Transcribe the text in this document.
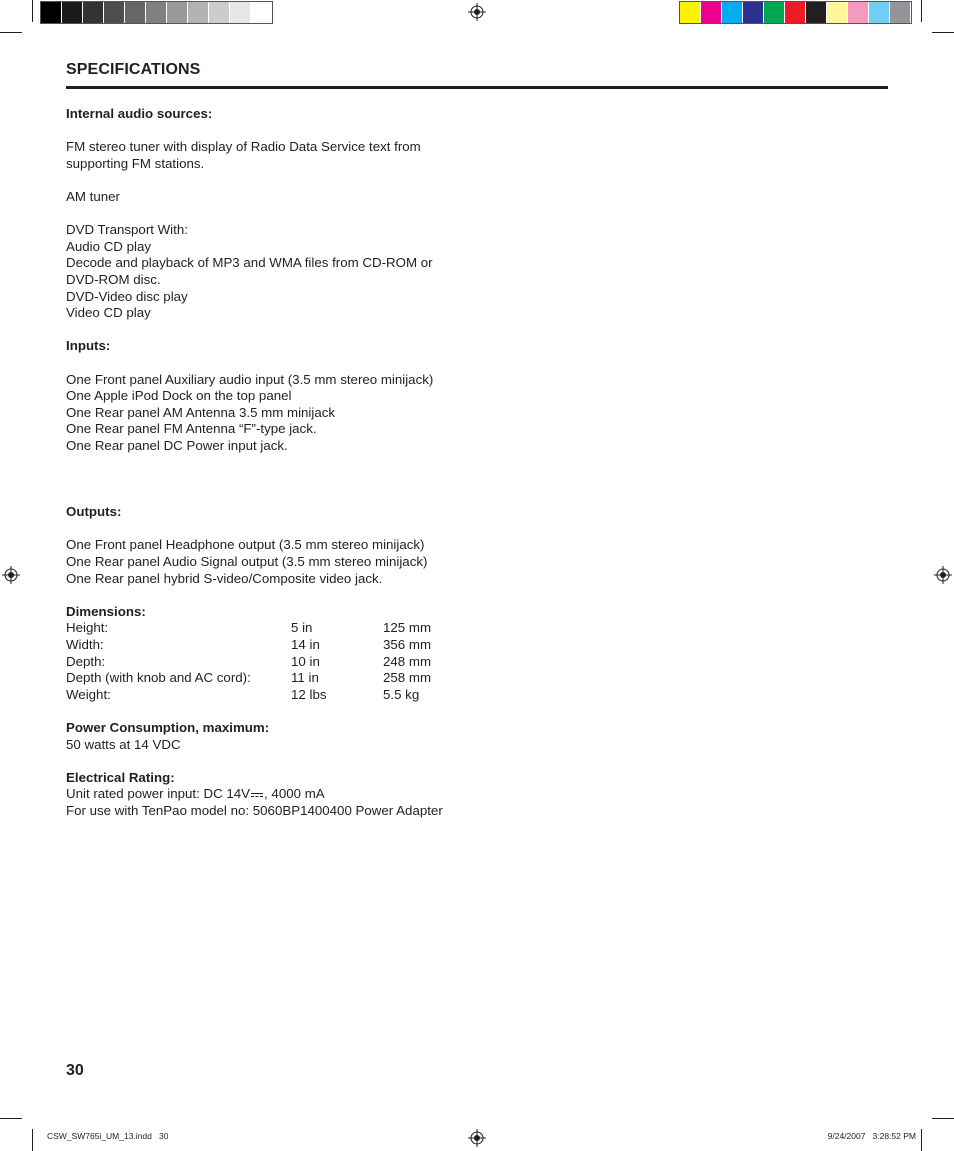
SPECIFICATIONS

Internal audio sources:

FM stereo tuner with display of Radio Data Service text from

supporting FM stations.

AM tuner

DVD Transport With:

Audio CD play

Decode and playback of MP3 and WMA files from CD-ROM or

DVD-ROM disc.

DVD-Video disc play

Video CD play

Inputs:

One Front panel Auxiliary audio input (3.5 mm stereo minijack)

One Apple iPod Dock on the top panel

One Rear panel AM Antenna 3.5 mm minijack

One Rear panel FM Antenna “F”-type jack.

One Rear panel DC Power input jack.

Outputs:

One Front panel Headphone output (3.5 mm stereo minijack)

One Rear panel Audio Signal output (3.5 mm stereo minijack)

One Rear panel hybrid S-video/Composite video jack.

Dimensions:

Height:	5 in	125 mm
Width:	14 in	356 mm
Depth:	10 in	248 mm
Depth (with knob and AC cord):	11 in	258 mm
Weight:	12 lbs	5.5 kg

Power Consumption, maximum:

50 watts at 14 VDC

Electrical Rating:

Unit rated power input: DC 14V , 4000 mA

For use with TenPao model no: 5060BP1400400 Power Adapter

30
CSW_SW765i_UM_13.indd   30	9/24/2007   3:28:52 PM
